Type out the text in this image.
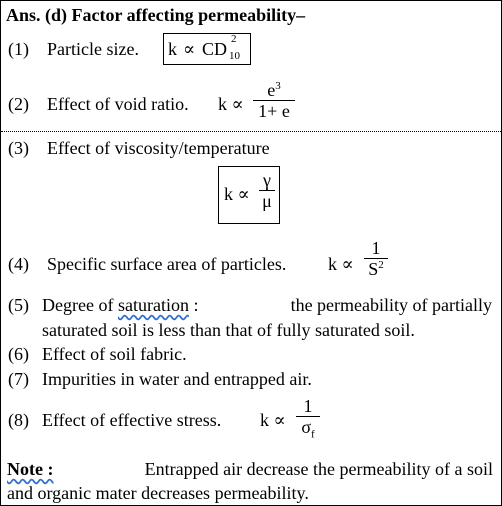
Ans. (d) Factor affecting permeability–
(1) Particle size. k ∝ CD 2
10
(2) Effect of void ratio. k ∝
$e^3$
1+ e
(3) Effect of viscosity/temperature
k ∝
γ
μ
(4) Specific surface area of particles. k ∝
1
$S^2$
(5) Degree of saturation :	the permeability of partially
saturated soil is less than that of fully saturated soil.
(6) Effect of soil fabric.
(7) Impurities in water and entrapped air.
(8) Effect of effective stress. k ∝
1
$\sigma_f$
Note :	Entrapped air decrease the permeability of a soil
and organic mater decreases permeability.
